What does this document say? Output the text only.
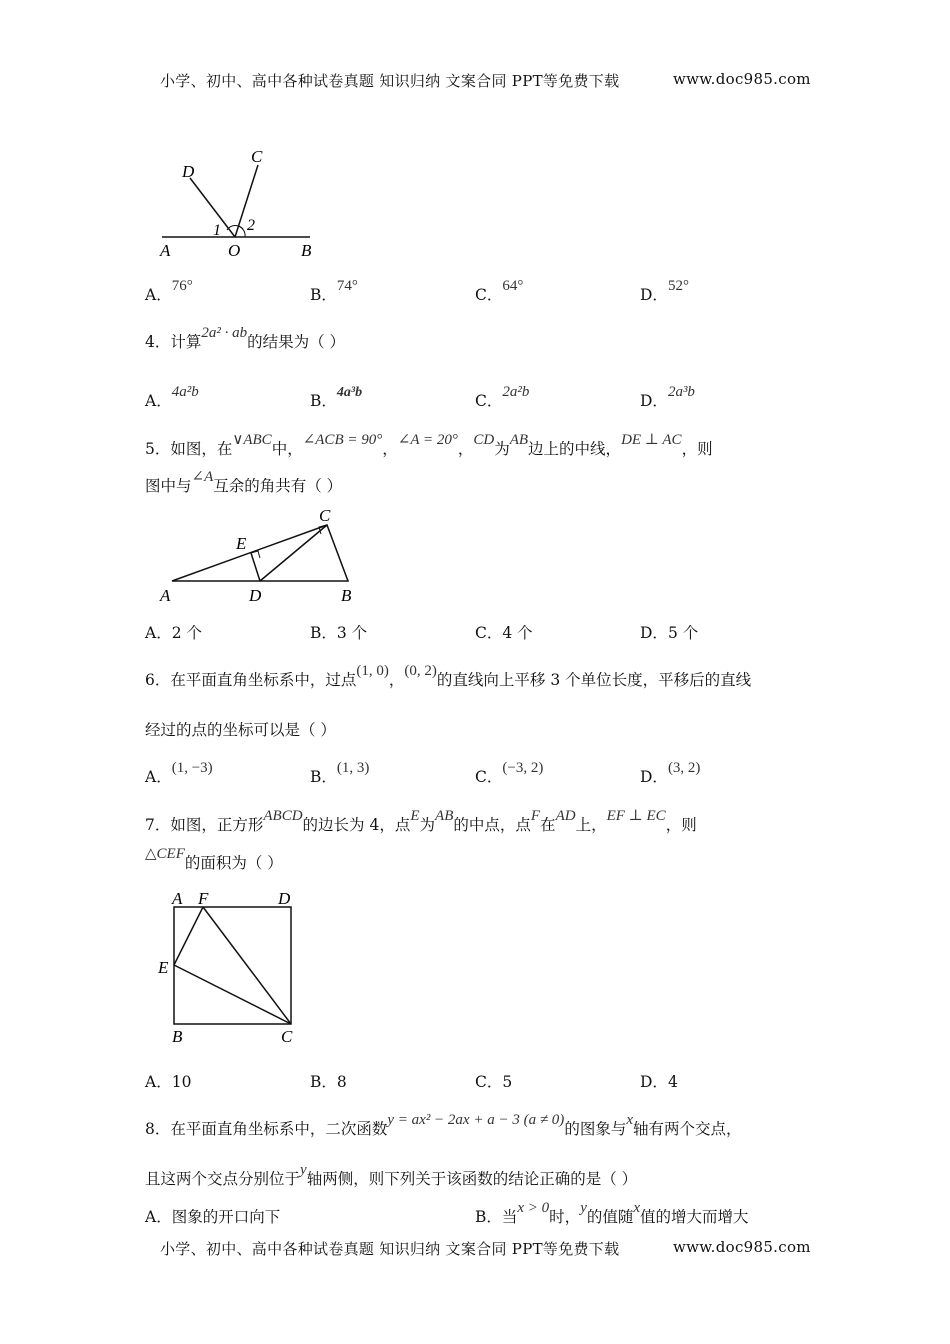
小学、初中、高中各种试卷真题 知识归纳 文案合同 PPT等免费下载	www.doc985.com
A	O	B
C
D
1 2
A．76°	B．74°	C．64°	D．52°
4．计算2a² · ab的结果为（ ）
A．4a²b	B．4a³b	C．2a²b	D．2a³b
5．如图，在∨ABC中，∠ACB = 90°，∠A = 20°，CD为AB边上的中线，DE ⊥ AC，则
图中与∠A互余的角共有（ ）
A	D	B
C
E
A．2 个	B．3 个	C．4 个	D．5 个
6．在平面直角坐标系中，过点(1, 0)，(0, 2)的直线向上平移 3 个单位长度，平移后的直线
经过的点的坐标可以是（ ）
A．(1, −3)	B．(1, 3)	C．(−3, 2)	D．(3, 2)
7．如图，正方形ABCD的边长为 4，点E为AB的中点，点F在AD上，EF ⊥ EC，则
△CEF的面积为（ ）
A F	D
E
B	C
A．10	B．8	C．5	D．4
8．在平面直角坐标系中，二次函数y = ax² − 2ax + a − 3 (a ≠ 0)的图象与x轴有两个交点，
且这两个交点分别位于y轴两侧，则下列关于该函数的结论正确的是（ ）
A．图象的开口向下	B．当x > 0时，y的值随x值的增大而增大
小学、初中、高中各种试卷真题 知识归纳 文案合同 PPT等免费下载	www.doc985.com
